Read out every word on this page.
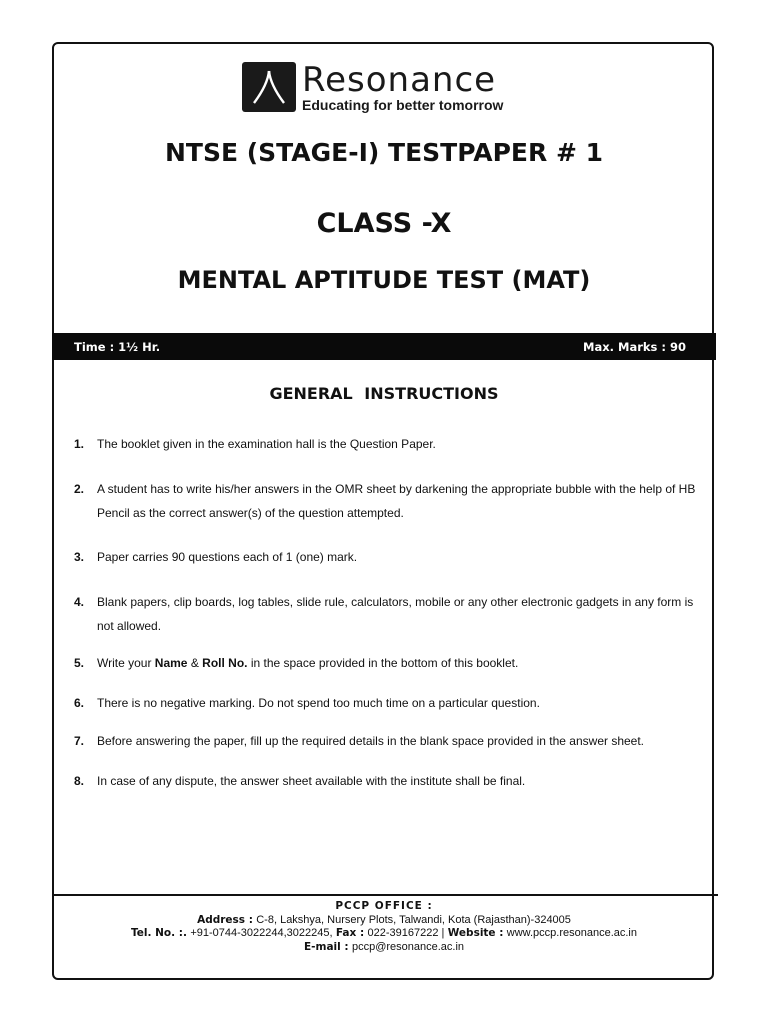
Resonance
Educating for better tomorrow
NTSE (STAGE-I) TESTPAPER # 1
CLASS -X
MENTAL APTITUDE TEST (MAT)
Time : 1½ Hr.	Max. Marks : 90
GENERAL INSTRUCTIONS
1. The booklet given in the examination hall is the Question Paper.
2. A student has to write his/her answers in the OMR sheet by darkening the appropriate bubble with the help of HB Pencil as the correct answer(s) of the question attempted.
3. Paper carries 90 questions each of 1 (one) mark.
4. Blank papers, clip boards, log tables, slide rule, calculators, mobile or any other electronic gadgets in any form is not allowed.
5. Write your Name & Roll No. in the space provided in the bottom of this booklet.
6. There is no negative marking. Do not spend too much time on a particular question.
7. Before answering the paper, fill up the required details in the blank space provided in the answer sheet.
8. In case of any dispute, the answer sheet available with the institute shall be final.
PCCP OFFICE :
Address : C-8, Lakshya, Nursery Plots, Talwandi, Kota (Rajasthan)-324005
Tel. No. :. +91-0744-3022244,3022245, Fax : 022-39167222 | Website : www.pccp.resonance.ac.in
E-mail : pccp@resonance.ac.in
